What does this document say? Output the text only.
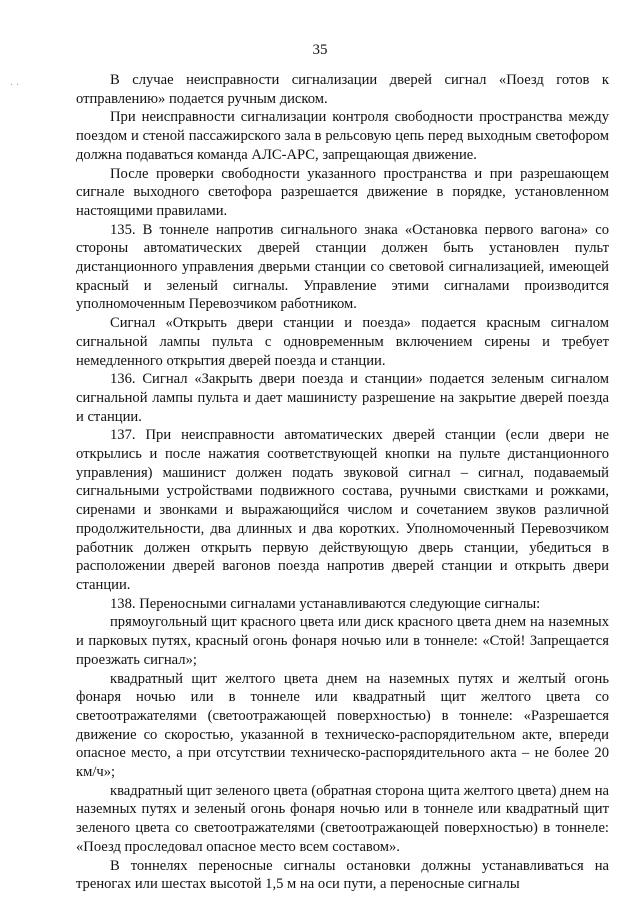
· ·
35

В случае неисправности сигнализации дверей сигнал «Поезд готов к отправлению» подается ручным диском.

При неисправности сигнализации контроля свободности пространства между поездом и стеной пассажирского зала в рельсовую цепь перед выходным светофором должна подаваться команда АЛС-АРС, запрещающая движение.

После проверки свободности указанного пространства и при разрешающем сигнале выходного светофора разрешается движение в порядке, установленном настоящими правилами.

135. В тоннеле напротив сигнального знака «Остановка первого вагона» со стороны автоматических дверей станции должен быть установлен пульт дистанционного управления дверьми станции со световой сигнализацией, имеющей красный и зеленый сигналы. Управление этими сигналами производится уполномоченным Перевозчиком работником.

Сигнал «Открыть двери станции и поезда» подается красным сигналом сигнальной лампы пульта с одновременным включением сирены и требует немедленного открытия дверей поезда и станции.

136. Сигнал «Закрыть двери поезда и станции» подается зеленым сигналом сигнальной лампы пульта и дает машинисту разрешение на закрытие дверей поезда и станции.

137. При неисправности автоматических дверей станции (если двери не открылись и после нажатия соответствующей кнопки на пульте дистанционного управления) машинист должен подать звуковой сигнал – сигнал, подаваемый сигнальными устройствами подвижного состава, ручными свистками и рожками, сиренами и звонками и выражающийся числом и сочетанием звуков различной продолжительности, два длинных и два коротких. Уполномоченный Перевозчиком работник должен открыть первую действующую дверь станции, убедиться в расположении дверей вагонов поезда напротив дверей станции и открыть двери станции.

138. Переносными сигналами устанавливаются следующие сигналы:

прямоугольный щит красного цвета или диск красного цвета днем на наземных и парковых путях, красный огонь фонаря ночью или в тоннеле: «Стой! Запрещается проезжать сигнал»;

квадратный щит желтого цвета днем на наземных путях и желтый огонь фонаря ночью или в тоннеле или квадратный щит желтого цвета со светоотражателями (светоотражающей поверхностью) в тоннеле: «Разрешается движение со скоростью, указанной в техническо-распорядительном акте, впереди опасное место, а при отсутствии техническо-распорядительного акта – не более 20 км/ч»;

квадратный щит зеленого цвета (обратная сторона щита желтого цвета) днем на наземных путях и зеленый огонь фонаря ночью или в тоннеле или квадратный щит зеленого цвета со светоотражателями (светоотражающей поверхностью) в тоннеле: «Поезд проследовал опасное место всем составом».

В тоннелях переносные сигналы остановки должны устанавливаться на треногах или шестах высотой 1,5 м на оси пути, а переносные сигналы
